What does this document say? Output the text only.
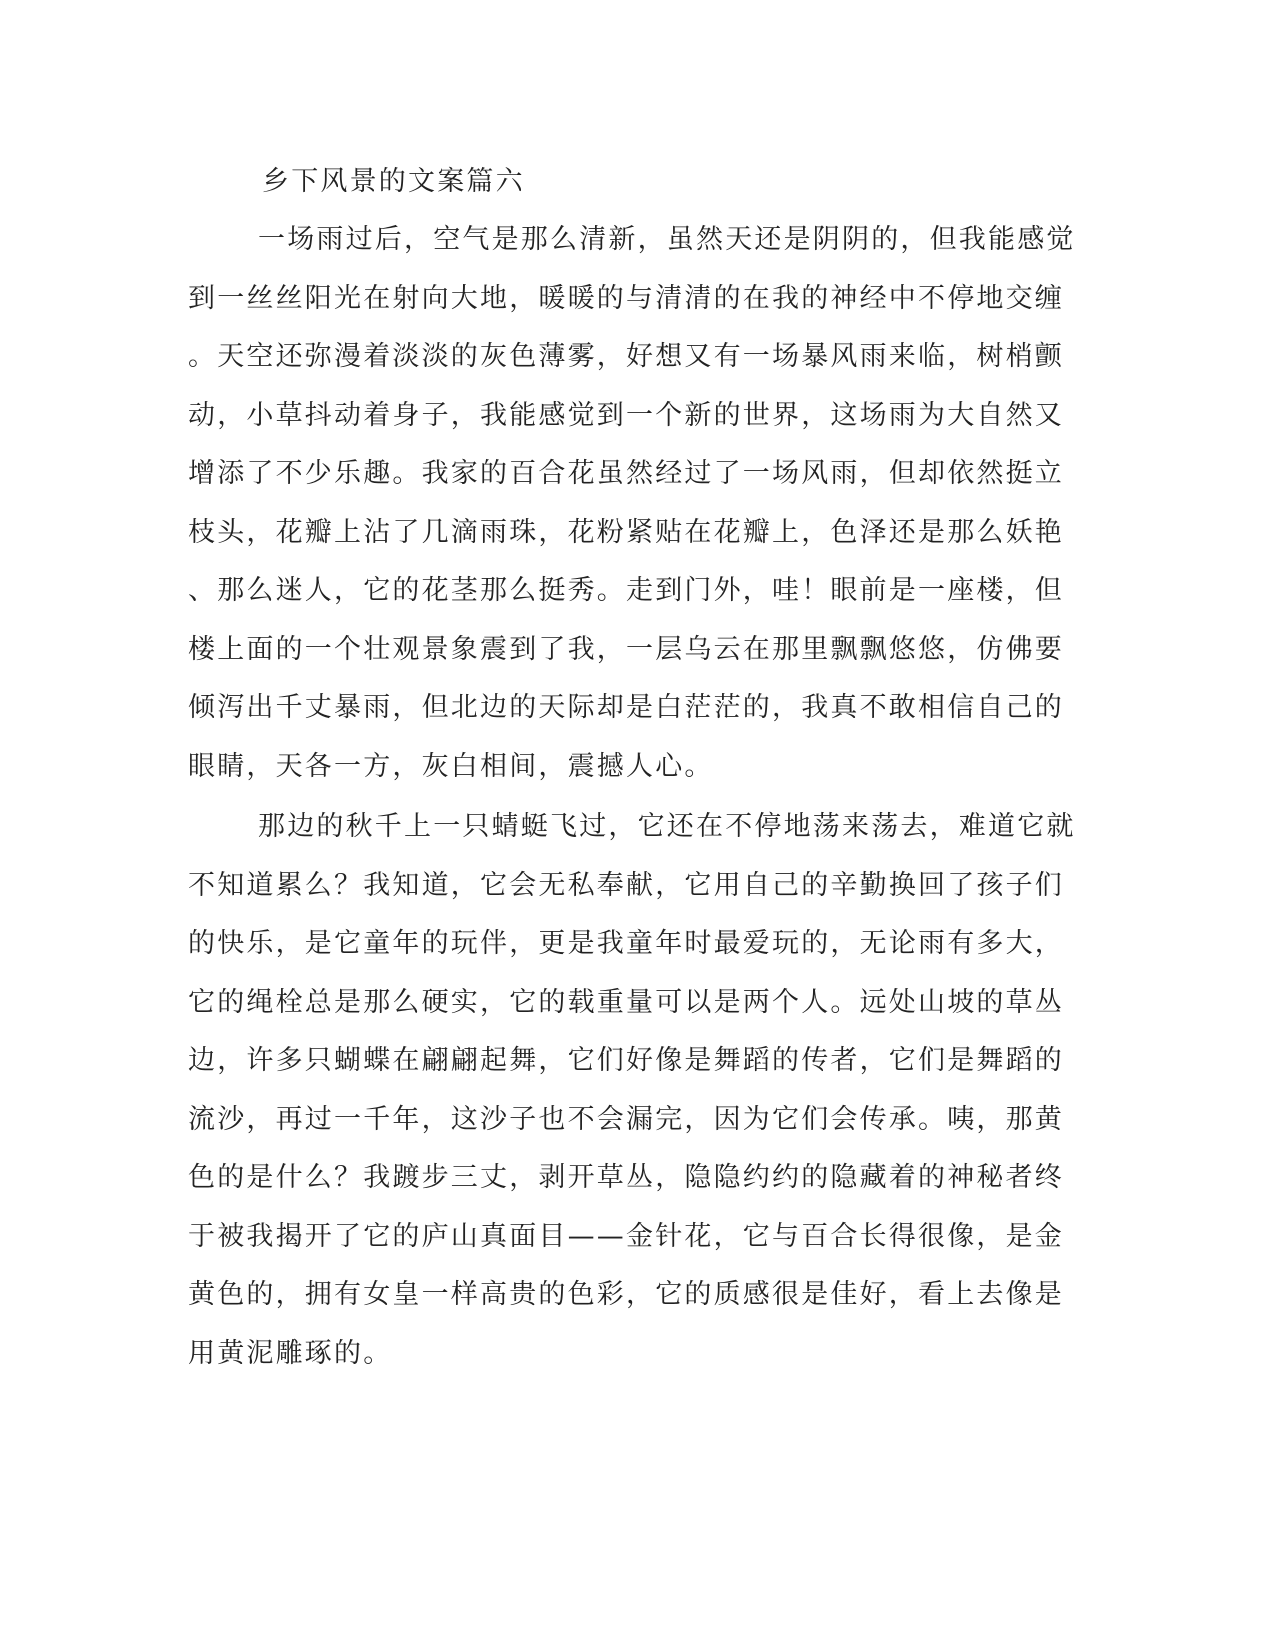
乡下风景的文案篇六
一场雨过后，空气是那么清新，虽然天还是阴阴的，但我能感觉
到一丝丝阳光在射向大地，暖暖的与清清的在我的神经中不停地交缠
。天空还弥漫着淡淡的灰色薄雾，好想又有一场暴风雨来临，树梢颤
动，小草抖动着身子，我能感觉到一个新的世界，这场雨为大自然又
增添了不少乐趣。我家的百合花虽然经过了一场风雨，但却依然挺立
枝头，花瓣上沾了几滴雨珠，花粉紧贴在花瓣上，色泽还是那么妖艳
、那么迷人，它的花茎那么挺秀。走到门外，哇！眼前是一座楼，但
楼上面的一个壮观景象震到了我，一层乌云在那里飘飘悠悠，仿佛要
倾泻出千丈暴雨，但北边的天际却是白茫茫的，我真不敢相信自己的
眼睛，天各一方，灰白相间，震撼人心。
那边的秋千上一只蜻蜓飞过，它还在不停地荡来荡去，难道它就
不知道累么？我知道，它会无私奉献，它用自己的辛勤换回了孩子们
的快乐，是它童年的玩伴，更是我童年时最爱玩的，无论雨有多大，
它的绳栓总是那么硬实，它的载重量可以是两个人。远处山坡的草丛
边，许多只蝴蝶在翩翩起舞，它们好像是舞蹈的传者，它们是舞蹈的
流沙，再过一千年，这沙子也不会漏完，因为它们会传承。咦，那黄
色的是什么？我踱步三丈，剥开草丛，隐隐约约的隐藏着的神秘者终
于被我揭开了它的庐山真面目——金针花，它与百合长得很像，是金
黄色的，拥有女皇一样高贵的色彩，它的质感很是佳好，看上去像是
用黄泥雕琢的。
